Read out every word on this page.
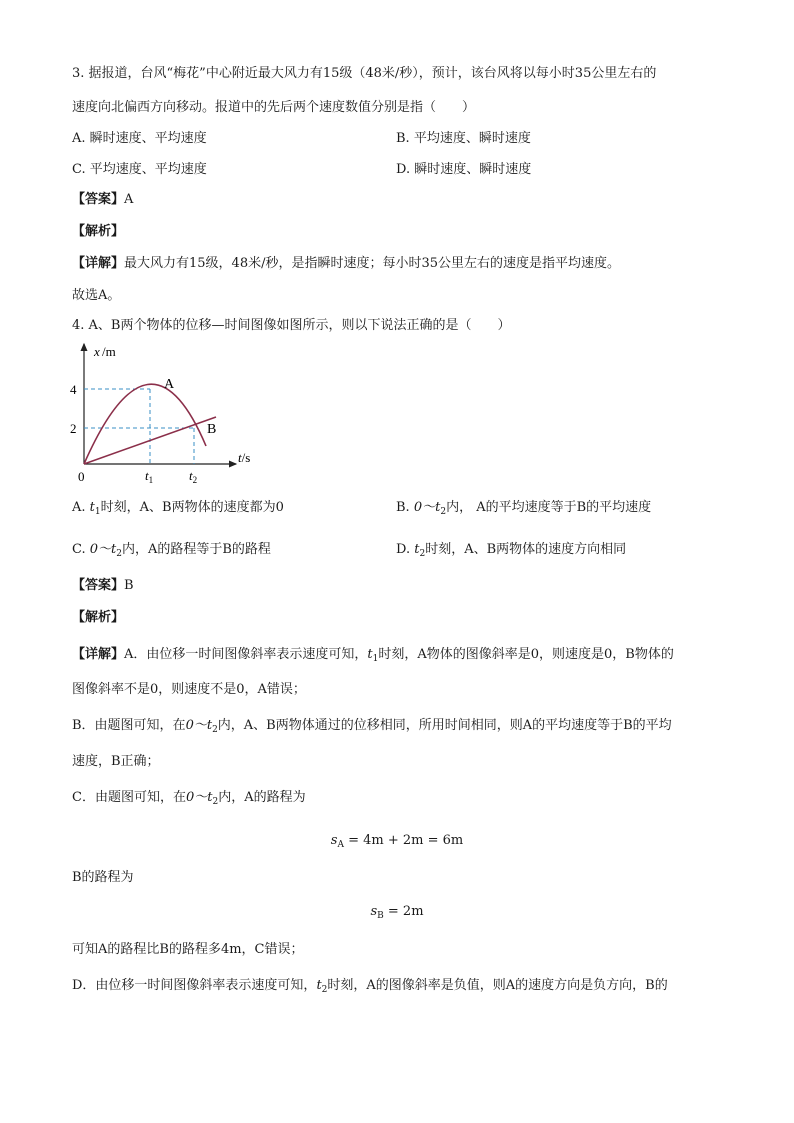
3. 据报道，台风“梅花”中心附近最大风力有15级（48米/秒），预计，该台风将以每小时35公里左右的
速度向北偏西方向移动。报道中的先后两个速度数值分别是指（　　）
A. 瞬时速度、平均速度	B. 平均速度、瞬时速度
C. 平均速度、平均速度	D. 瞬时速度、瞬时速度
【答案】A
【解析】
【详解】最大风力有15级，48米/秒，是指瞬时速度；每小时35公里左右的速度是指平均速度。
故选A。
4. A、B两个物体的位移—时间图像如图所示，则以下说法正确的是（　　）
x /m
4
2
0	$t_1$	$t_2$
t/s
A
B
A. $t_1$时刻，A、B两物体的速度都为0	B. $0\sim t_2$内， A的平均速度等于B的平均速度
C. $0\sim t_2$内，A的路程等于B的路程	D. $t_2$时刻，A、B两物体的速度方向相同
【答案】B
【解析】
【详解】A．由位移一时间图像斜率表示速度可知，$t_1$时刻，A物体的图像斜率是0，则速度是0，B物体的
图像斜率不是0，则速度不是0，A错误；
B．由题图可知，在$0\sim t_2$内，A、B两物体通过的位移相同，所用时间相同，则A的平均速度等于B的平均
速度，B正确；
C．由题图可知，在$0\sim t_2$内，A的路程为
$s_A = 4m + 2m = 6m$
B的路程为
$s_B = 2m$
可知A的路程比B的路程多4m，C错误；
D．由位移一时间图像斜率表示速度可知，$t_2$时刻，A的图像斜率是负值，则A的速度方向是负方向，B的
